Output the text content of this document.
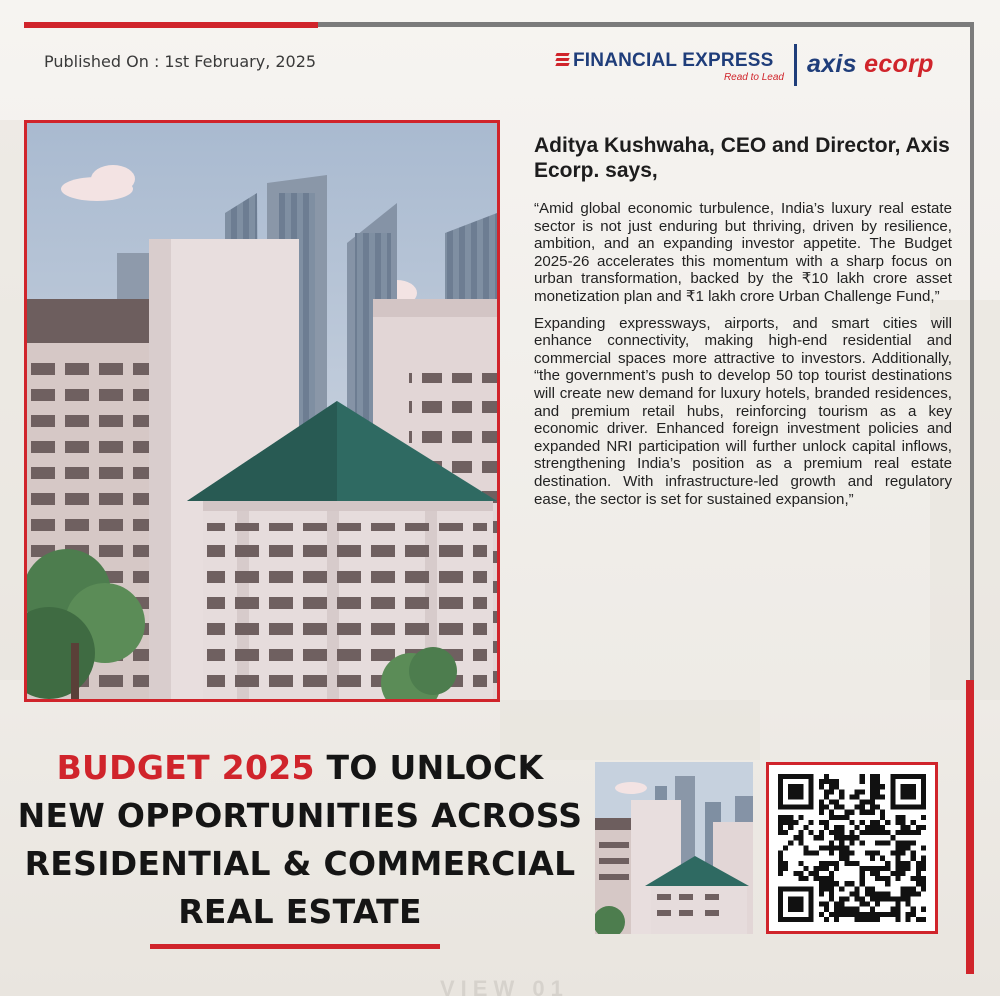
Published On : 1st February, 2025	FINANCIAL EXPRESS
Read to Lead axis ecorp
Aditya Kushwaha, CEO and Director, Axis Ecorp. says,

“Amid global economic turbulence, India’s luxury real estate sector is not just enduring but thriving, driven by resilience, ambition, and an expanding investor appetite. The Budget 2025-26 accelerates this momentum with a sharp focus on urban transformation, backed by the ₹10 lakh crore asset monetization plan and ₹1 lakh crore Urban Challenge Fund,”

Expanding expressways, airports, and smart cities will enhance connectivity, making high-end residential and commercial spaces more attractive to investors. Additionally, “the government’s push to develop 50 top tourist destinations will create new demand for luxury hotels, branded residences, and premium retail hubs, reinforcing tourism as a key economic driver. Enhanced foreign investment policies and expanded NRI participation will further unlock capital inflows, strengthening India’s position as a premium real estate destination. With infrastructure-led growth and regulatory ease, the sector is set for sustained expansion,”

BUDGET 2025 TO UNLOCK
NEW OPPORTUNITIES ACROSS
RESIDENTIAL & COMMERCIAL
REAL ESTATE
VIEW 01
